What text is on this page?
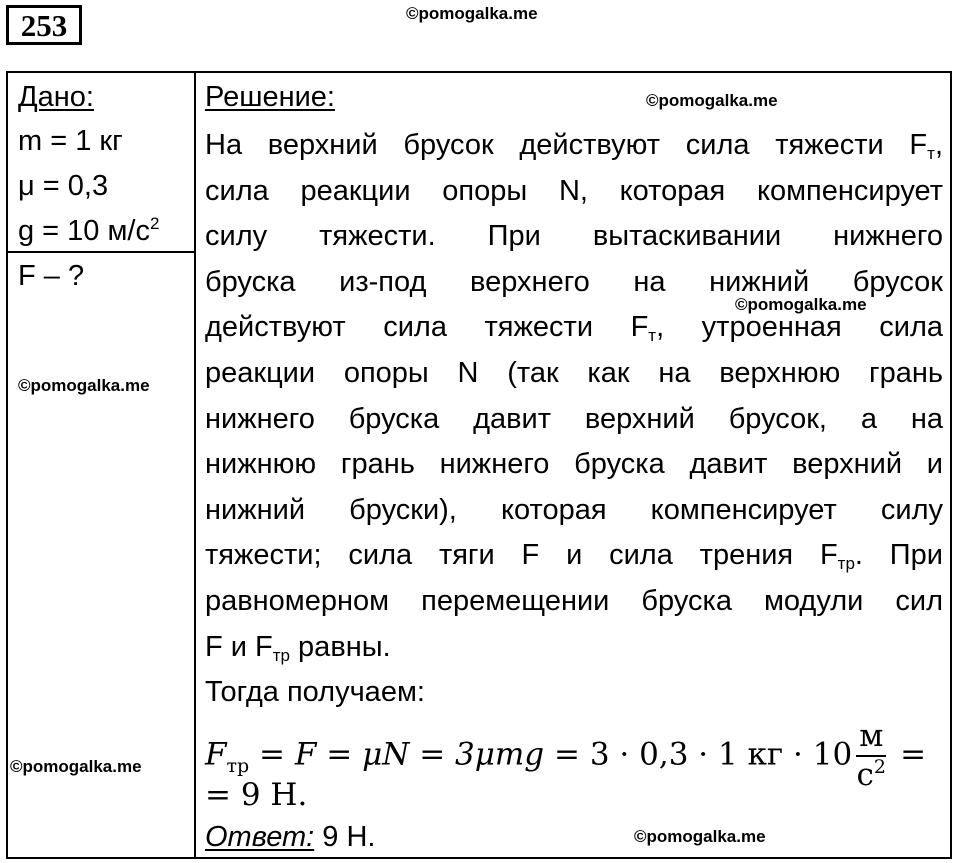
253	©pomogalka.me
Дано:
m = 1 кг
μ = 0,3
g = 10 $м/с^2$
F – ?
©pomogalka.me
©pomogalka.me
Решение:	©pomogalka.me
На верхний брусок действуют сила тяжести Fт,
сила реакции опоры N, которая компенсирует
силу тяжести. При вытаскивании нижнего
бруска из-под верхнего на нижний брусок
действуют сила тяжести Fт, утроенная сила
реакции опоры N (так как на верхнюю грань
нижнего бруска давит верхний брусок, а на
нижнюю грань нижнего бруска давит верхний и
нижний бруски), которая компенсирует силу
тяжести; сила тяги F и сила трения Fтр. При
равномерном перемещении бруска модули сил
F и Fтр равны.
Тогда получаем:
©pomogalka.me
$F_{тр} = F = \mu N = 3\mu mg = 3 \cdot 0,3 \cdot 1$ кг · $10 \frac{м}{с^2}$ =
= 9 Н.
Ответ: 9 Н.	©pomogalka.me
